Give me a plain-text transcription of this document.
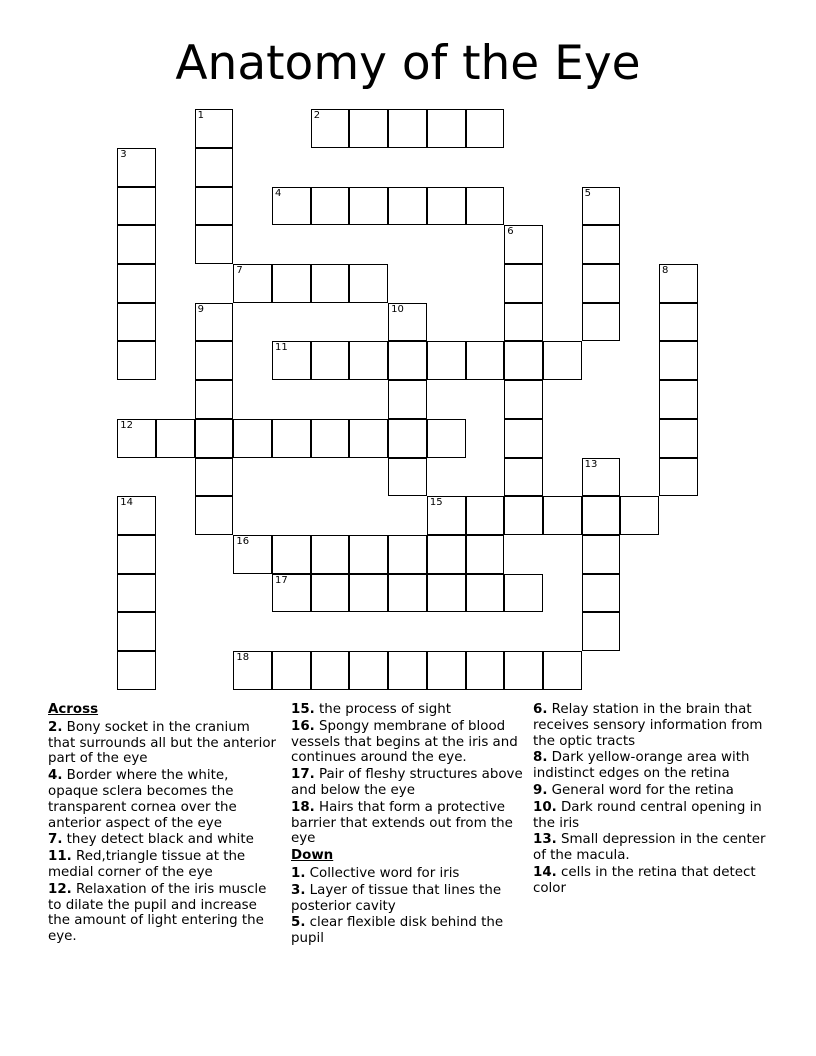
Anatomy of the Eye
1	2
3
4	5
6
7	8
9	10
11
12
13
14	15
16
17
18
Across
2. Bony socket in the cranium that surrounds all but the anterior part of the eye
4. Border where the white, opaque sclera becomes the transparent cornea over the anterior aspect of the eye
7. they detect black and white
11. Red,triangle tissue at the medial corner of the eye
12. Relaxation of the iris muscle to dilate the pupil and increase the amount of light entering the eye.
15. the process of sight
16. Spongy membrane of blood vessels that begins at the iris and continues around the eye.
17. Pair of fleshy structures above and below the eye
18. Hairs that form a protective barrier that extends out from the eye
Down
1. Collective word for iris
3. Layer of tissue that lines the posterior cavity
5. clear flexible disk behind the pupil
6. Relay station in the brain that receives sensory information from the optic tracts
8. Dark yellow-orange area with indistinct edges on the retina
9. General word for the retina
10. Dark round central opening in the iris
13. Small depression in the center of the macula.
14. cells in the retina that detect color
